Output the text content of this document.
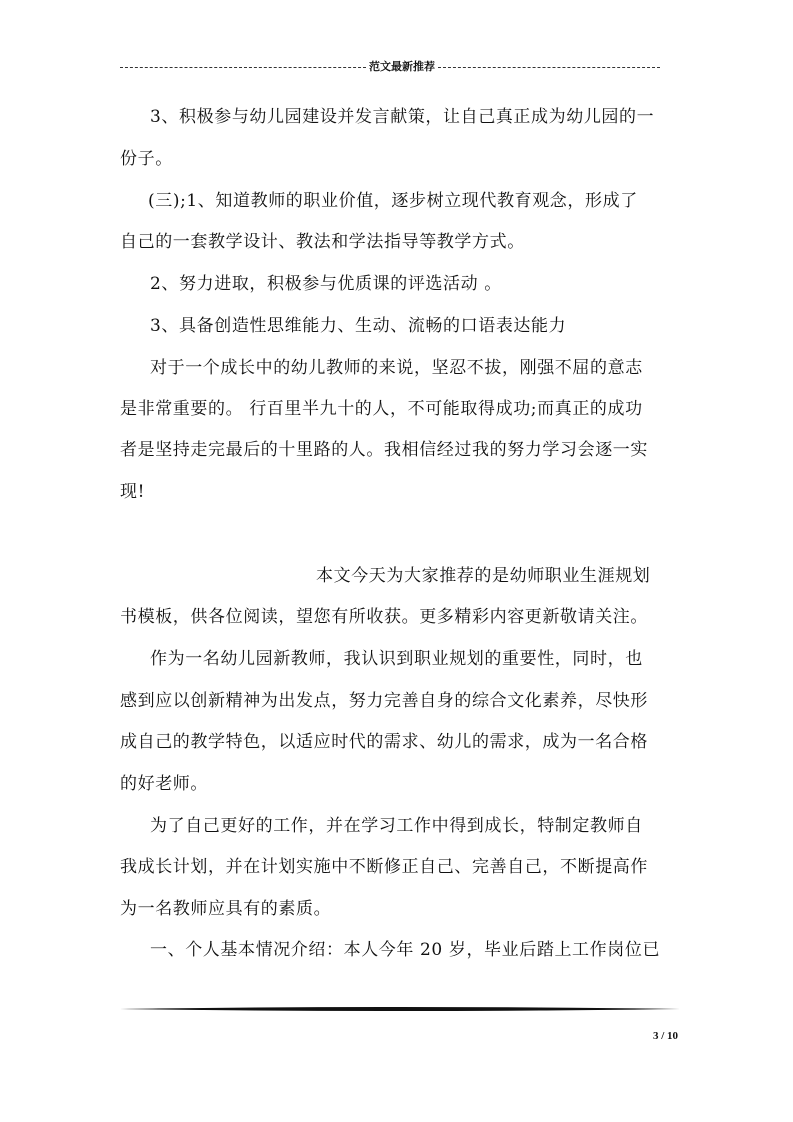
范文最新推荐
3、积极参与幼儿园建设并发言献策，让自己真正成为幼儿园的一
份子。
(三);1、知道教师的职业价值，逐步树立现代教育观念，形成了
自己的一套教学设计、教法和学法指导等教学方式。
2、努力进取，积极参与优质课的评选活动 。
3、具备创造性思维能力、生动、流畅的口语表达能力
对于一个成长中的幼儿教师的来说，坚忍不拔，刚强不屈的意志
是非常重要的。 行百里半九十的人，不可能取得成功;而真正的成功
者是坚持走完最后的十里路的人。我相信经过我的努力学习会逐一实
现!
本文今天为大家推荐的是幼师职业生涯规划
书模板，供各位阅读，望您有所收获。更多精彩内容更新敬请关注。
作为一名幼儿园新教师，我认识到职业规划的重要性，同时，也
感到应以创新精神为出发点，努力完善自身的综合文化素养，尽快形
成自己的教学特色，以适应时代的需求、幼儿的需求，成为一名合格
的好老师。
为了自己更好的工作，并在学习工作中得到成长，特制定教师自
我成长计划，并在计划实施中不断修正自己、完善自己，不断提高作
为一名教师应具有的素质。
一、个人基本情况介绍：本人今年 20 岁，毕业后踏上工作岗位已
3 / 10
